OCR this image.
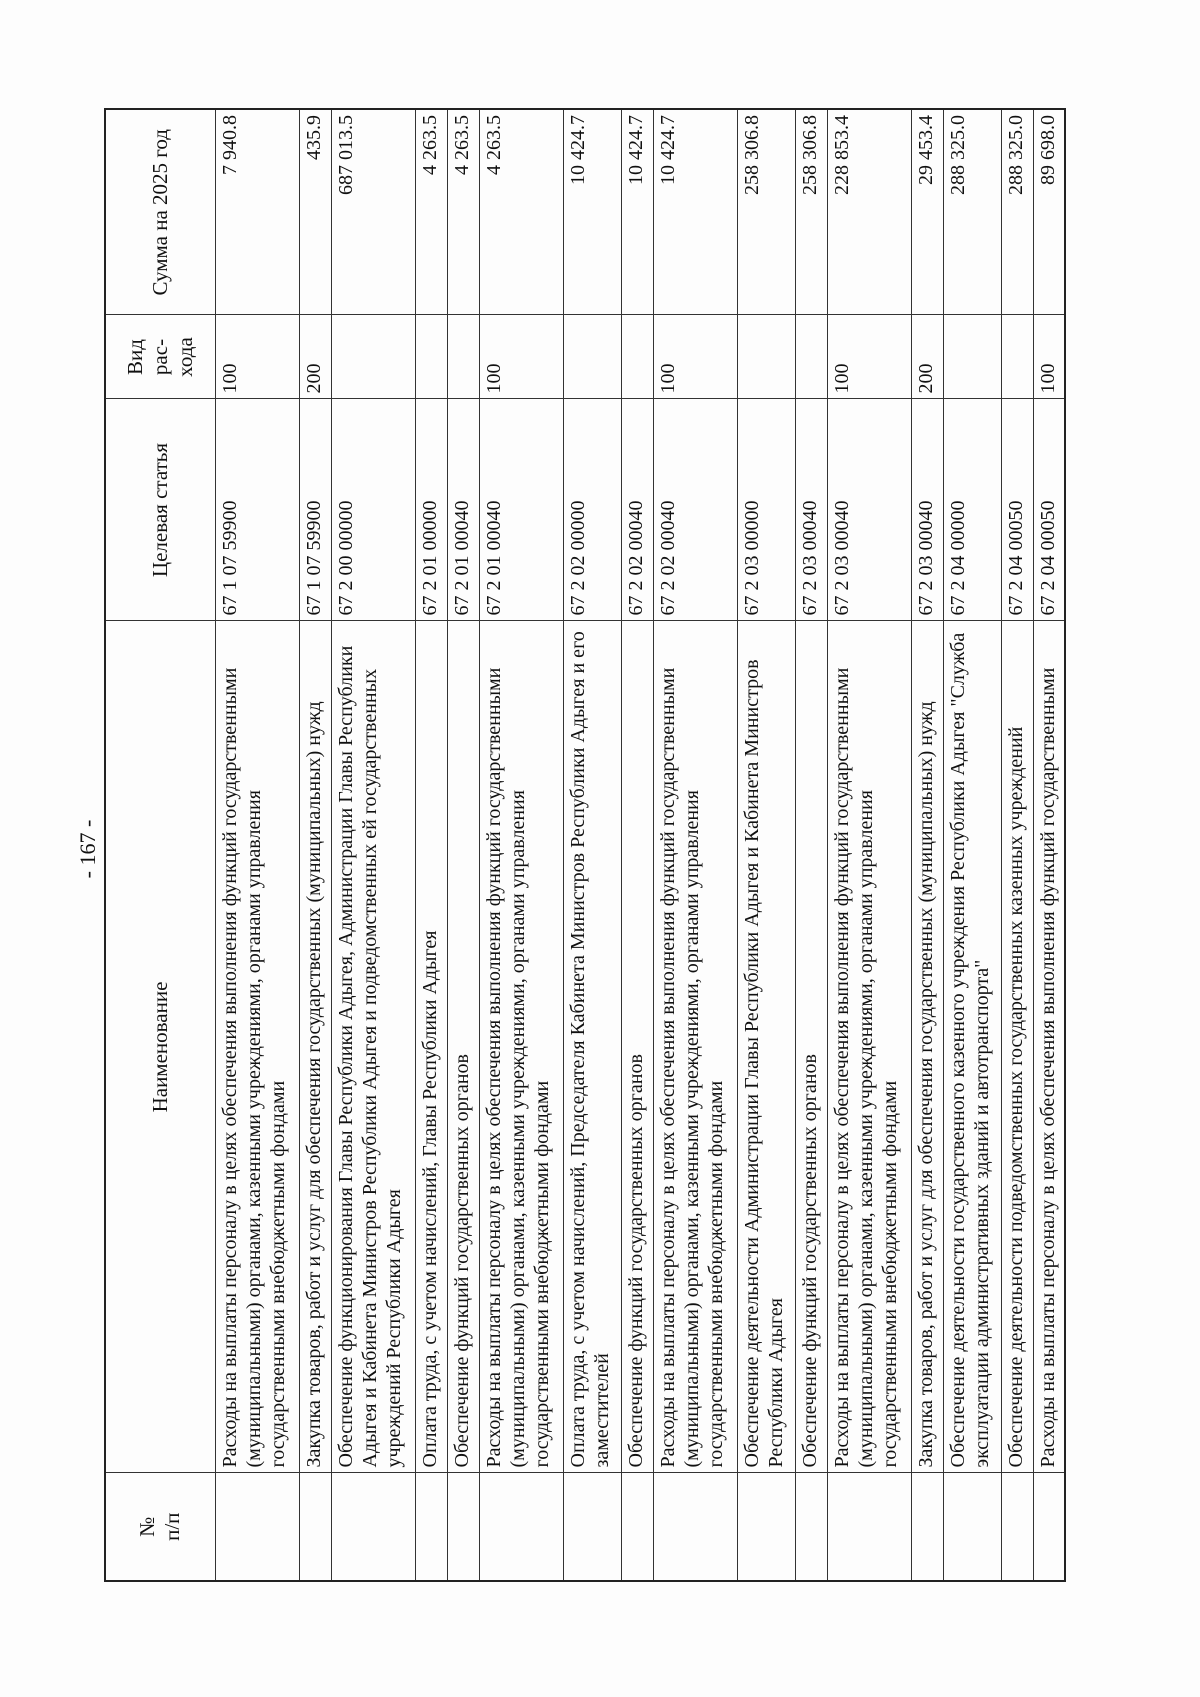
- 167 -
№
п/п	Наименование	Целевая статья	Вид рас-хода	Сумма на 2025 год
	Расходы на выплаты персоналу в целях обеспечения выполнения функций государственными (муниципальными) органами, казенными учреждениями, органами управления государственными внебюджетными фондами	67 1 07 59900	100	7 940.8
	Закупка товаров, работ и услуг для обеспечения государственных (муниципальных) нужд	67 1 07 59900	200	435.9
	Обеспечение функционирования Главы Республики Адыгея, Администрации Главы Республики Адыгея и Кабинета Министров Республики Адыгея и подведомственных ей государственных учреждений Республики Адыгея	67 2 00 00000		687 013.5
	Оплата труда, с учетом начислений, Главы Республики Адыгея	67 2 01 00000		4 263.5
	Обеспечение функций государственных органов	67 2 01 00040		4 263.5
	Расходы на выплаты персоналу в целях обеспечения выполнения функций государственными (муниципальными) органами, казенными учреждениями, органами управления государственными внебюджетными фондами	67 2 01 00040	100	4 263.5
	Оплата труда, с учетом начислений, Председателя Кабинета Министров Республики Адыгея и его заместителей	67 2 02 00000		10 424.7
	Обеспечение функций государственных органов	67 2 02 00040		10 424.7
	Расходы на выплаты персоналу в целях обеспечения выполнения функций государственными (муниципальными) органами, казенными учреждениями, органами управления государственными внебюджетными фондами	67 2 02 00040	100	10 424.7
	Обеспечение деятельности Администрации Главы Республики Адыгея и Кабинета Министров Республики Адыгея	67 2 03 00000		258 306.8
	Обеспечение функций государственных органов	67 2 03 00040		258 306.8
	Расходы на выплаты персоналу в целях обеспечения выполнения функций государственными (муниципальными) органами, казенными учреждениями, органами управления государственными внебюджетными фондами	67 2 03 00040	100	228 853.4
	Закупка товаров, работ и услуг для обеспечения государственных (муниципальных) нужд	67 2 03 00040	200	29 453.4
	Обеспечение деятельности государственного казенного учреждения Республики Адыгея "Служба эксплуатации административных зданий и автотранспорта"	67 2 04 00000		288 325.0
	Обеспечение деятельности подведомственных государственных казенных учреждений	67 2 04 00050		288 325.0
	Расходы на выплаты персоналу в целях обеспечения выполнения функций государственными	67 2 04 00050	100	89 698.0
